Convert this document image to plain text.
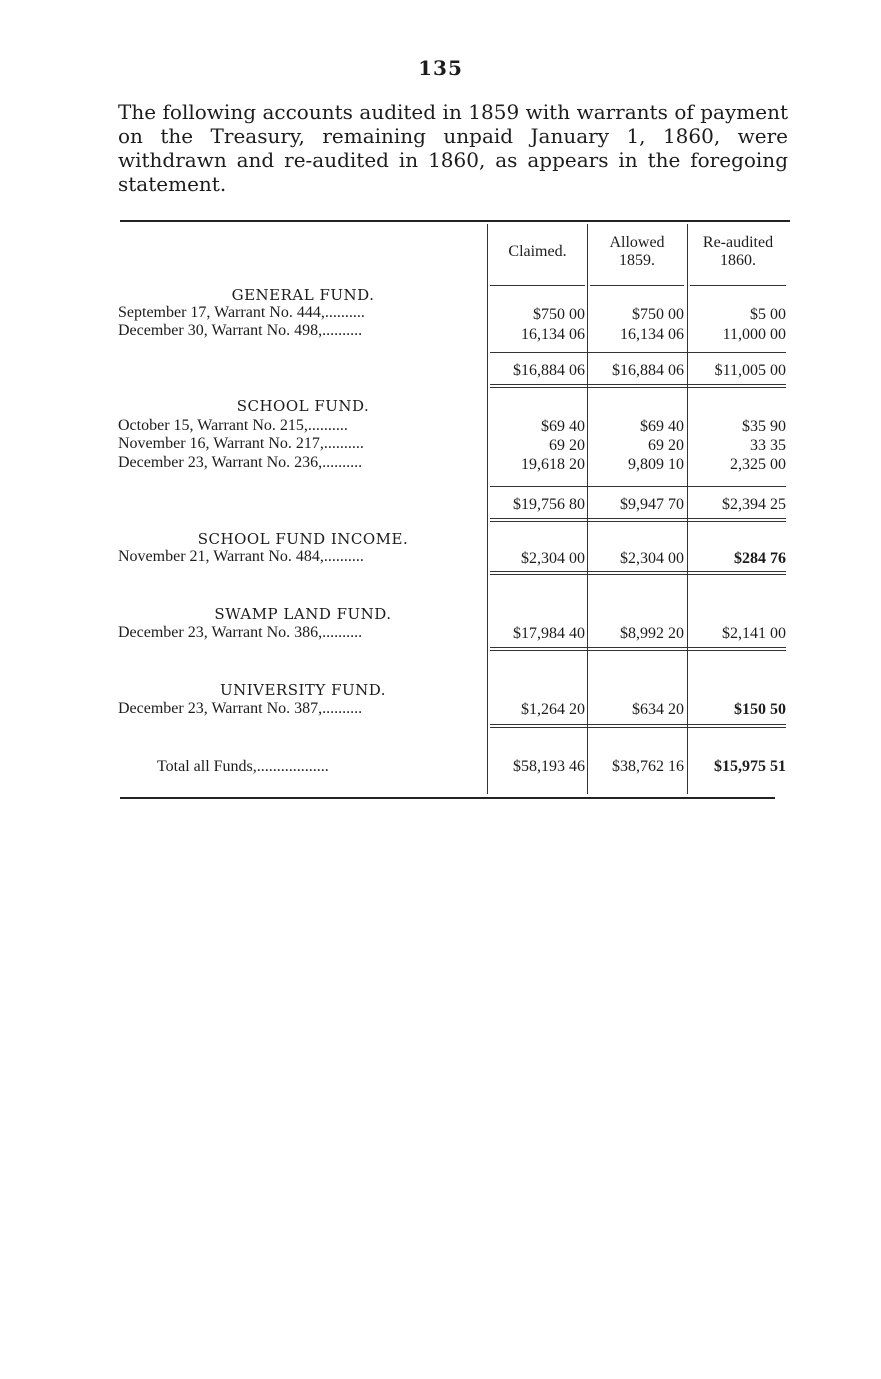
135

The following accounts audited in 1859 with warrants of payment on the Treasury, remaining unpaid January 1, 1860, were withdrawn and re-audited in 1860, as appears in the foregoing statement.

Claimed.
Allowed 1859.
Re-audited 1860.
GENERAL FUND.
September 17, Warrant No. 444,..........	$750 00	$750 00	$5 00
December 30, Warrant No. 498,..........	16,134 06	16,134 06	11,000 00
$16,884 06	$16,884 06	$11,005 00
SCHOOL FUND.
October 15, Warrant No. 215,..........	$69 40	$69 40	$35 90
November 16, Warrant No. 217,..........	69 20	69 20	33 35
December 23, Warrant No. 236,..........	19,618 20	9,809 10	2,325 00
$19,756 80	$9,947 70	$2,394 25
SCHOOL FUND INCOME.
November 21, Warrant No. 484,..........	$2,304 00	$2,304 00	$284 76
SWAMP LAND FUND.
December 23, Warrant No. 386,..........	$17,984 40	$8,992 20	$2,141 00
UNIVERSITY FUND.
December 23, Warrant No. 387,..........	$1,264 20	$634 20	$150 50
Total all Funds,..................	$58,193 46	$38,762 16	$15,975 51
